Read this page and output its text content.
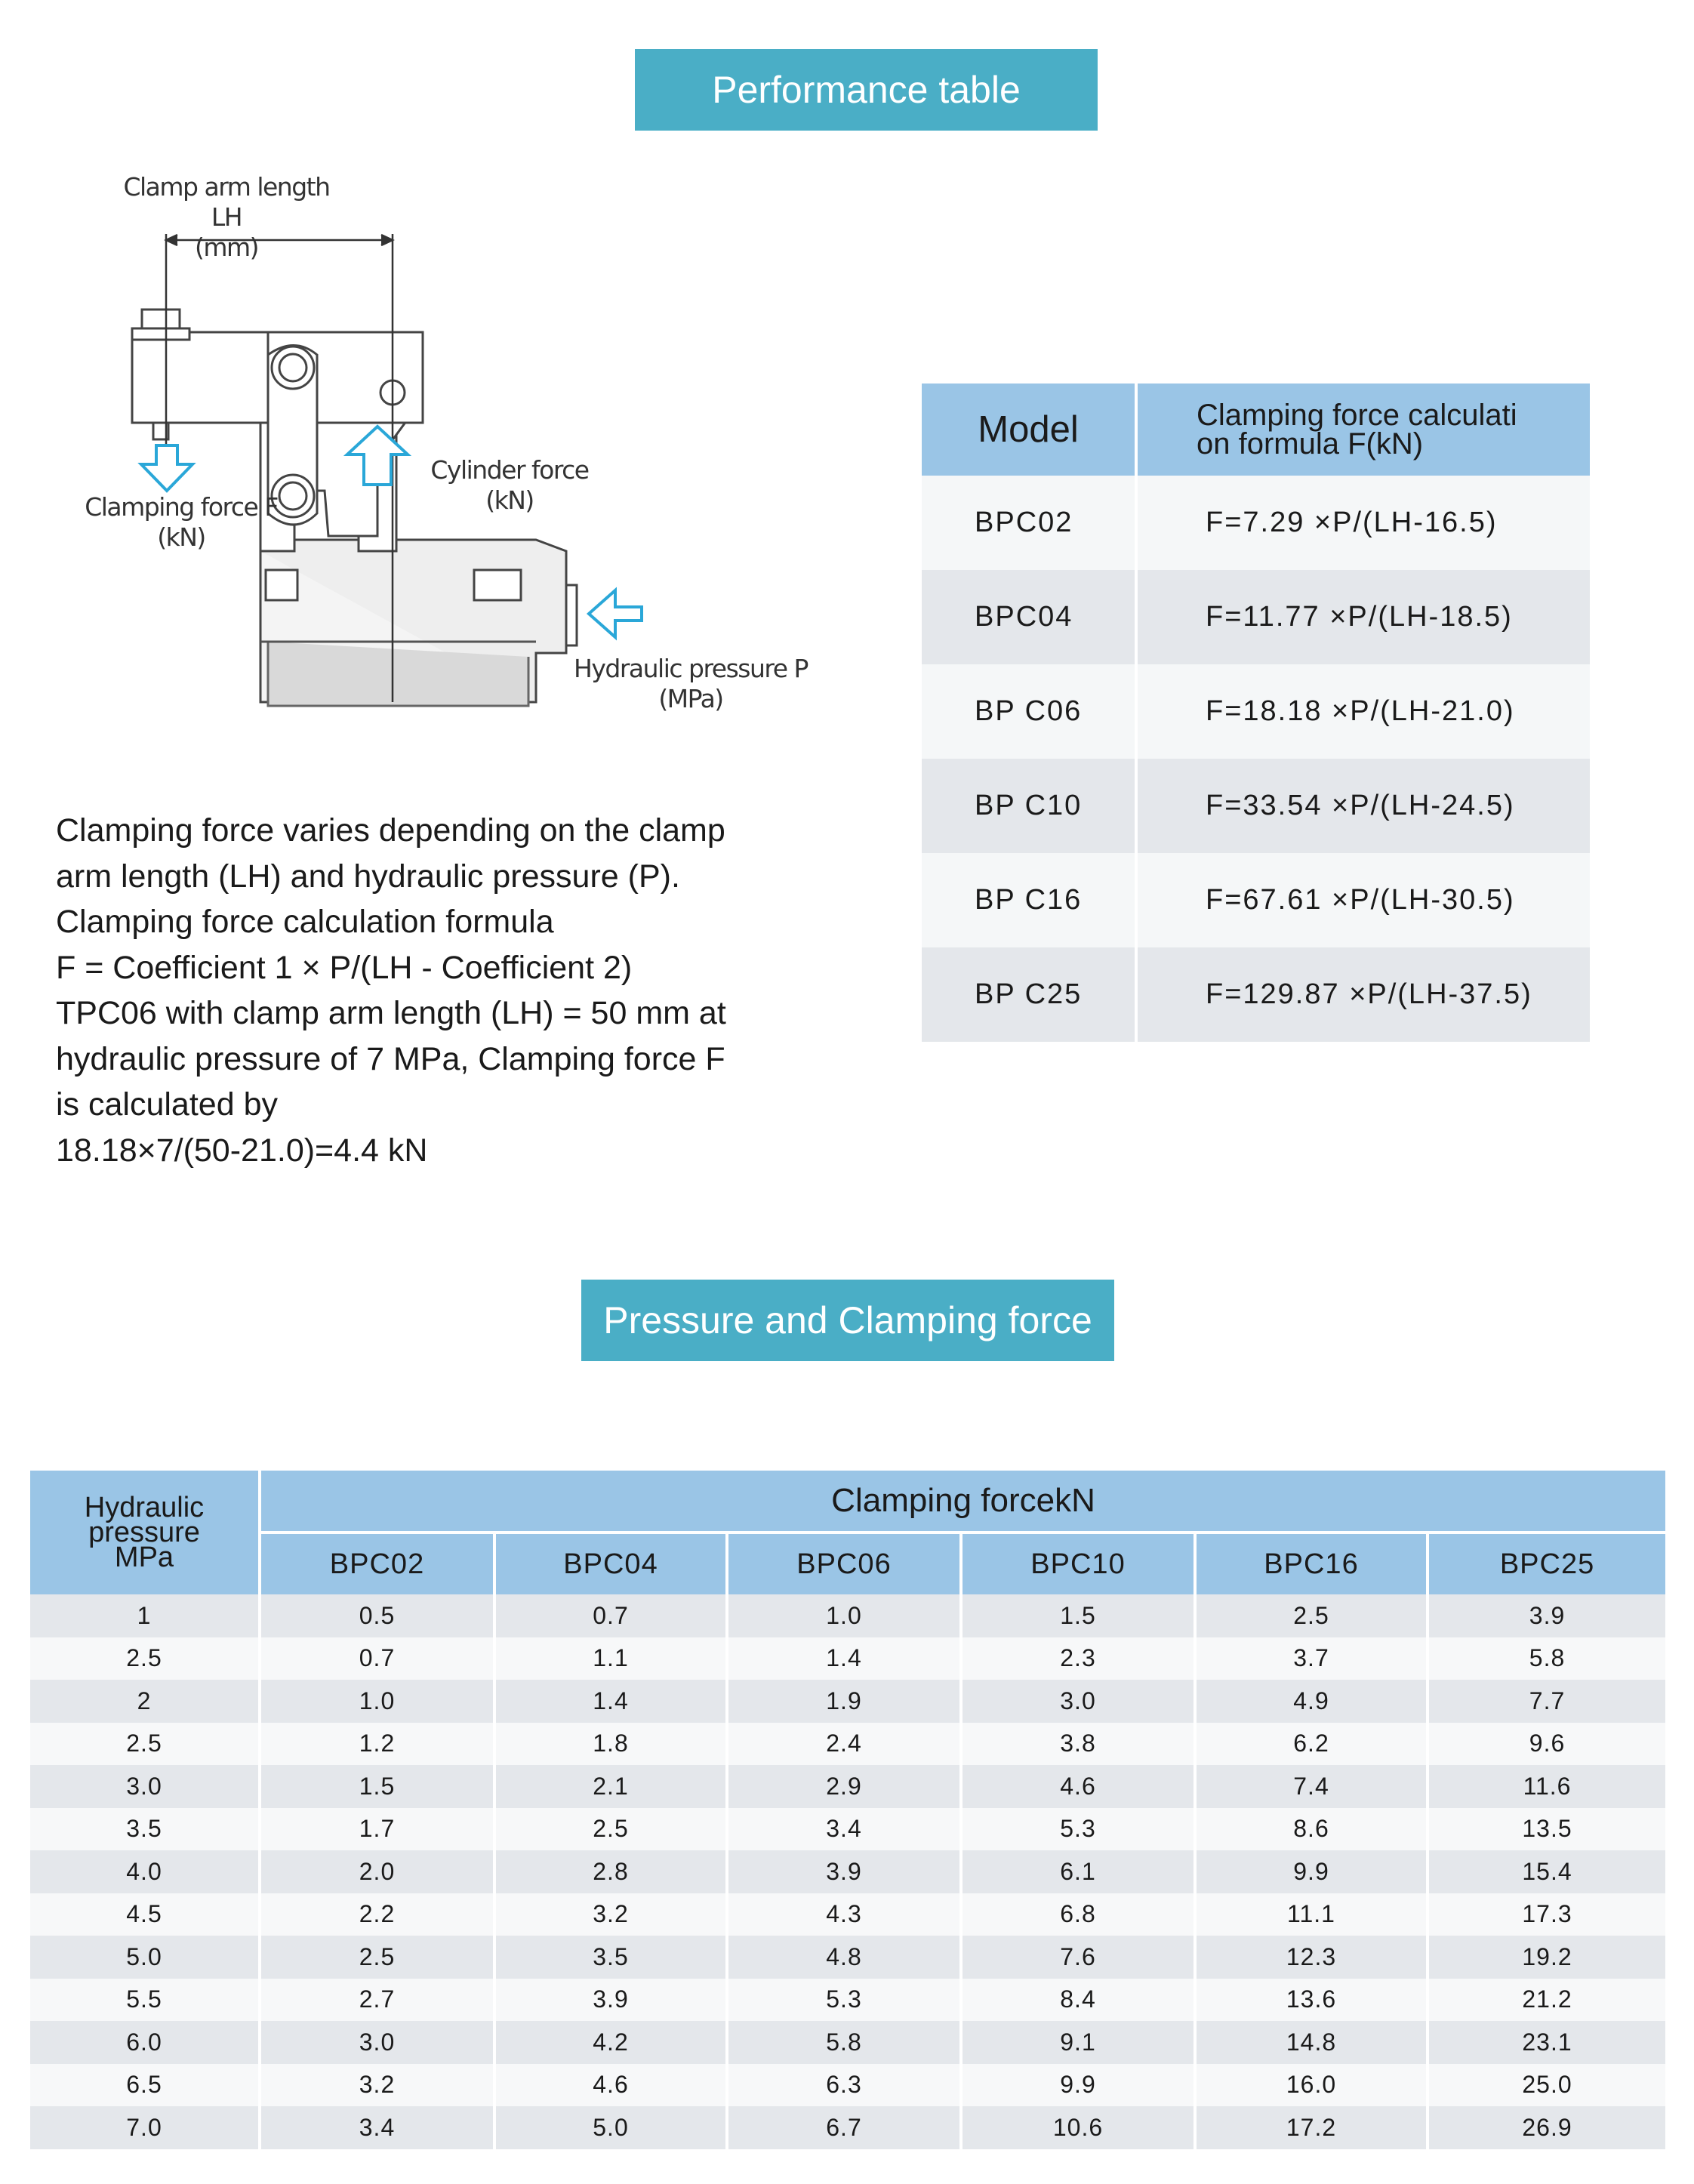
Performance table
Clamp arm length LH
(mm)
Clamping force F
(kN)
Cylinder force
(kN)
Hydraulic pressure P
(MPa)
Clamping force varies depending on the clamp
arm length (LH) and hydraulic pressure (P).
Clamping force calculation formula
F = Coefficient 1 × P/(LH - Coefficient 2)
TPC06 with clamp arm length (LH) = 50 mm at
hydraulic pressure of 7 MPa, Clamping force F
is calculated by
18.18×7/(50-21.0)=4.4 kN
Model	Clamping force calculati
on formula F(kN)

BPC02	F=7.29 ×P/(LH-16.5)
BPC04	F=11.77 ×P/(LH-18.5)
BP C06	F=18.18 ×P/(LH-21.0)
BP C10	F=33.54 ×P/(LH-24.5)
BP C16	F=67.61 ×P/(LH-30.5)
BP C25	F=129.87 ×P/(LH-37.5)
Pressure and Clamping force
Hydraulic
pressure
MPa	Clamping forcekN					
	BPC02	BPC04	BPC06	BPC10	BPC16	BPC25
1	0.5	0.7	1.0	1.5	2.5	3.9
2.5	0.7	1.1	1.4	2.3	3.7	5.8
2	1.0	1.4	1.9	3.0	4.9	7.7
2.5	1.2	1.8	2.4	3.8	6.2	9.6
3.0	1.5	2.1	2.9	4.6	7.4	11.6
3.5	1.7	2.5	3.4	5.3	8.6	13.5
4.0	2.0	2.8	3.9	6.1	9.9	15.4
4.5	2.2	3.2	4.3	6.8	11.1	17.3
5.0	2.5	3.5	4.8	7.6	12.3	19.2
5.5	2.7	3.9	5.3	8.4	13.6	21.2
6.0	3.0	4.2	5.8	9.1	14.8	23.1
6.5	3.2	4.6	6.3	9.9	16.0	25.0
7.0	3.4	5.0	6.7	10.6	17.2	26.9
